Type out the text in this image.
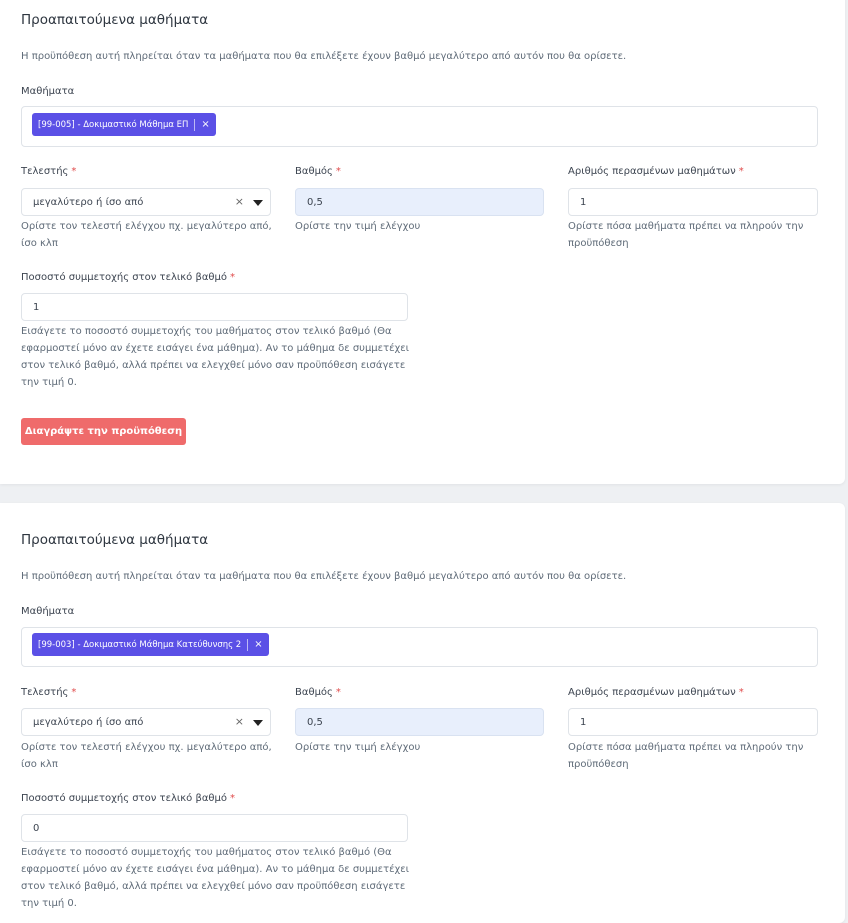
Προαπαιτούμενα μαθήματα
Η προϋπόθεση αυτή πληρείται όταν τα μαθήματα που θα επιλέξετε έχουν βαθμό μεγαλύτερο από αυτόν που θα ορίσετε.
Μαθήματα
[99-005] - Δοκιμαστικό Μάθημα ΕΠ ×
Τελεστής *
μεγαλύτερο ή ίσο από	×
Ορίστε τον τελεστή ελέγχου πχ. μεγαλύτερο από, ίσο κλπ
Βαθμός *
0,5
Ορίστε την τιμή ελέγχου
Αριθμός περασμένων μαθημάτων *
1
Ορίστε πόσα μαθήματα πρέπει να πληρούν την προϋπόθεση
Ποσοστό συμμετοχής στον τελικό βαθμό *
1
Εισάγετε το ποσοστό συμμετοχής του μαθήματος στον τελικό βαθμό (Θα εφαρμοστεί μόνο αν έχετε εισάγει ένα μάθημα). Αν το μάθημα δε συμμετέχει στον τελικό βαθμό, αλλά πρέπει να ελεγχθεί μόνο σαν προϋπόθεση εισάγετε την τιμή 0.
Διαγράψτε την προϋπόθεση
Προαπαιτούμενα μαθήματα
Η προϋπόθεση αυτή πληρείται όταν τα μαθήματα που θα επιλέξετε έχουν βαθμό μεγαλύτερο από αυτόν που θα ορίσετε.
Μαθήματα
[99-003] - Δοκιμαστικό Μάθημα Κατεύθυνσης 2 ×
Τελεστής *
μεγαλύτερο ή ίσο από	×
Ορίστε τον τελεστή ελέγχου πχ. μεγαλύτερο από, ίσο κλπ
Βαθμός *
0,5
Ορίστε την τιμή ελέγχου
Αριθμός περασμένων μαθημάτων *
1
Ορίστε πόσα μαθήματα πρέπει να πληρούν την προϋπόθεση
Ποσοστό συμμετοχής στον τελικό βαθμό *
0
Εισάγετε το ποσοστό συμμετοχής του μαθήματος στον τελικό βαθμό (Θα εφαρμοστεί μόνο αν έχετε εισάγει ένα μάθημα). Αν το μάθημα δε συμμετέχει στον τελικό βαθμό, αλλά πρέπει να ελεγχθεί μόνο σαν προϋπόθεση εισάγετε την τιμή 0.
